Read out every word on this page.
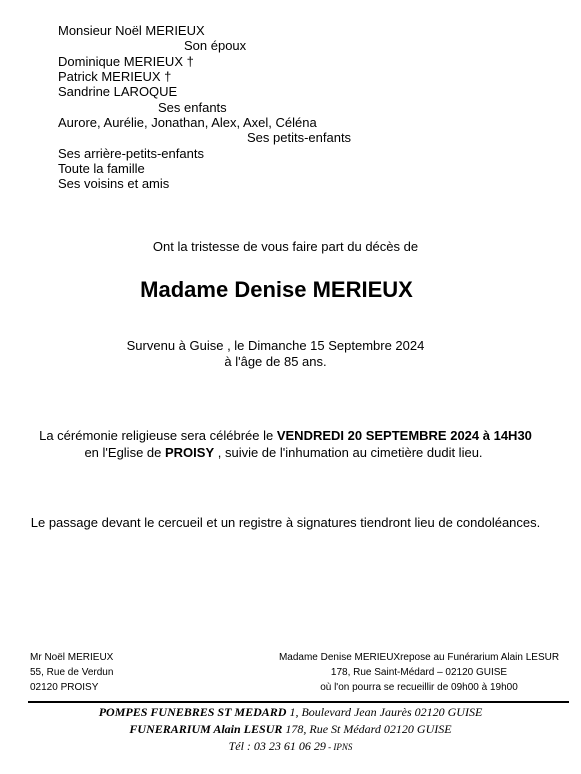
Monsieur Noël MERIEUX
Son époux
Dominique MERIEUX †
Patrick MERIEUX †
Sandrine LAROQUE
Ses enfants
Aurore, Aurélie, Jonathan, Alex, Axel, Céléna
Ses petits-enfants
Ses arrière-petits-enfants
Toute la famille
Ses voisins et amis
Ont la tristesse de vous faire part du décès de
Madame Denise MERIEUX
Survenu à Guise , le Dimanche 15 Septembre 2024
à l'âge de 85 ans.
La cérémonie religieuse sera célébrée le VENDREDI 20 SEPTEMBRE 2024 à 14H30
en l'Eglise de PROISY , suivie de l'inhumation au cimetière dudit lieu.
Le passage devant le cercueil et un registre à signatures tiendront lieu de condoléances.
Mr Noël MERIEUX
55, Rue de Verdun
02120 PROISY
Madame Denise MERIEUXrepose au Funérarium Alain LESUR
178, Rue Saint-Médard – 02120 GUISE
où l'on pourra se recueillir de 09h00 à 19h00
POMPES FUNEBRES ST MEDARD 1, Boulevard Jean Jaurès 02120 GUISE
FUNERARIUM Alain LESUR 178, Rue St Médard 02120 GUISE
Tél : 03 23 61 06 29 - IPNS
